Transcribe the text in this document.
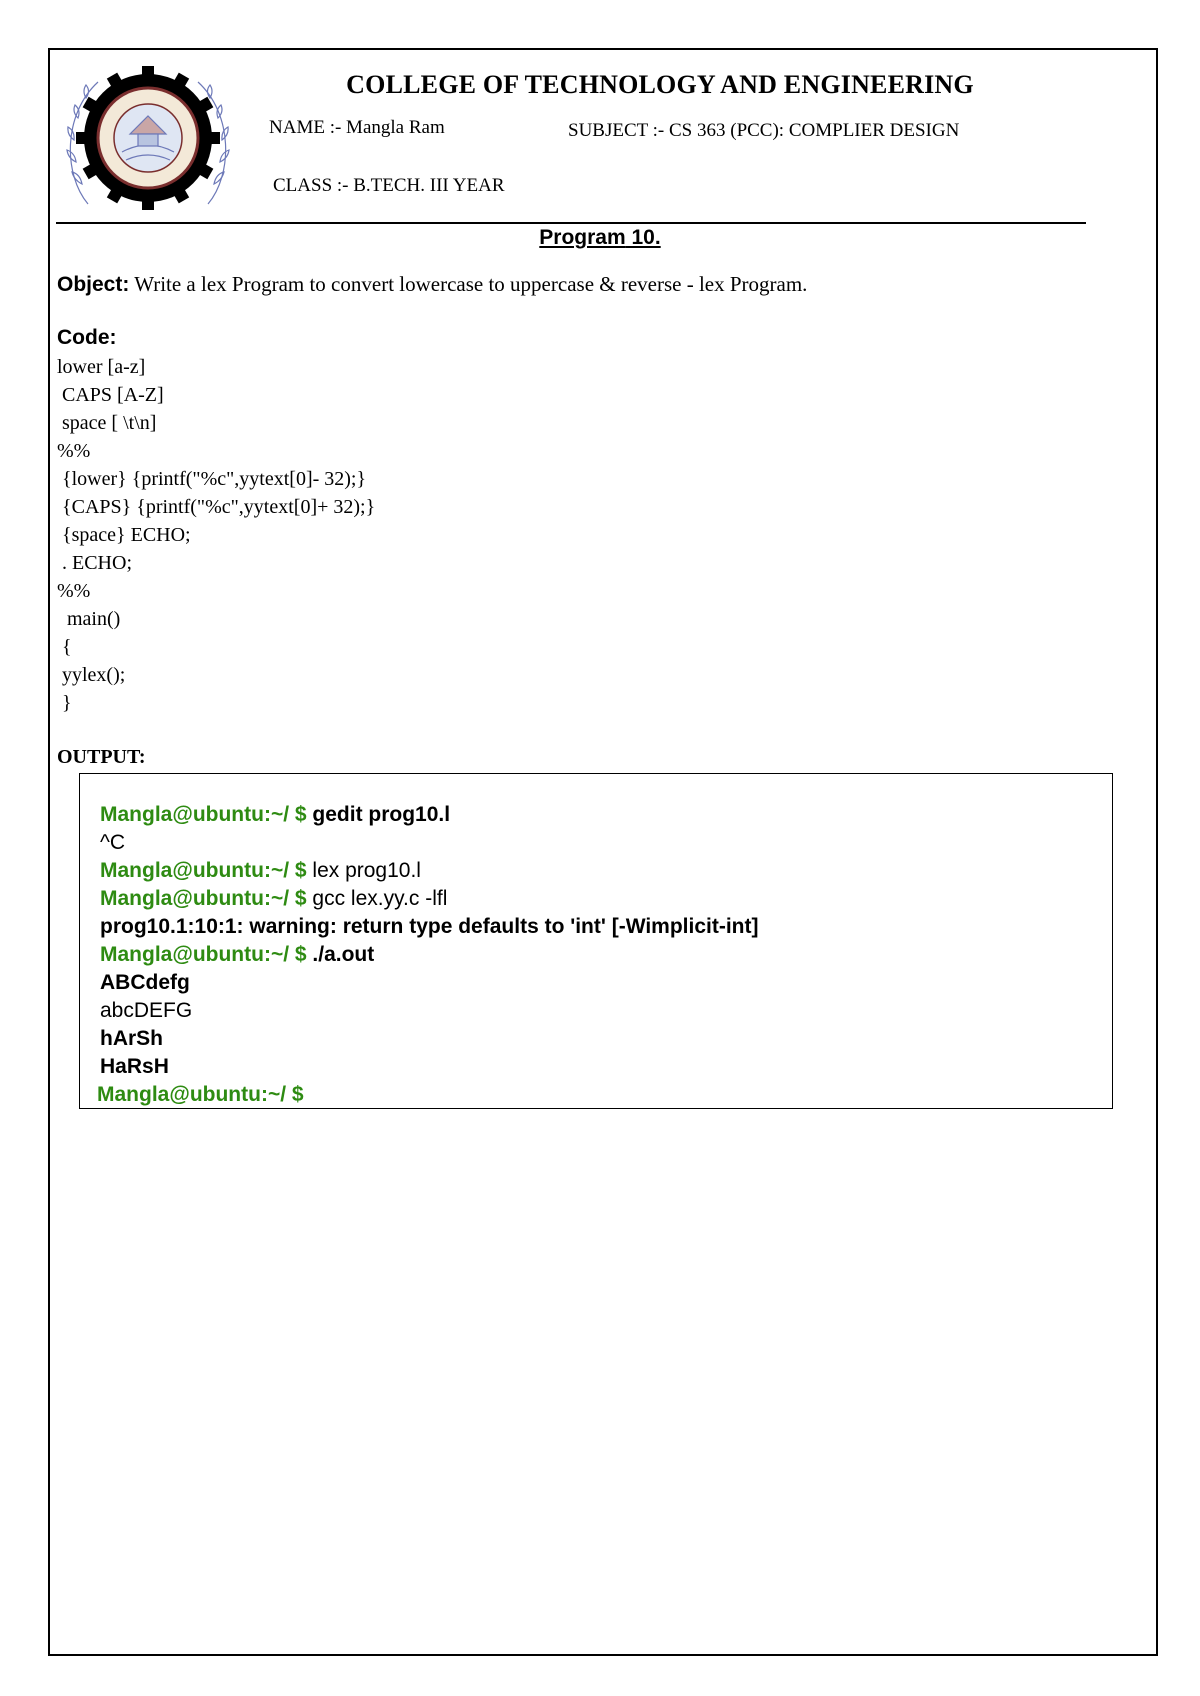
COLLEGE OF TECHNOLOGY AND ENGINEERING
NAME :- Mangla Ram	SUBJECT :- CS 363 (PCC): COMPLIER DESIGN
CLASS :- B.TECH. III YEAR
Program 10.
Object: Write a lex Program to convert lowercase to uppercase & reverse - lex Program.
Code:
lower [a-z]
CAPS [A-Z]
space [ \t\n]
%%
{lower} {printf("%c",yytext[0]- 32);}
{CAPS} {printf("%c",yytext[0]+ 32);}
{space} ECHO;
. ECHO;
%%
main()
{
yylex();
}
OUTPUT:
Mangla@ubuntu:~/ $ gedit prog10.l
^C
Mangla@ubuntu:~/ $ lex prog10.l
Mangla@ubuntu:~/ $ gcc lex.yy.c -lfl
prog10.1:10:1: warning: return type defaults to 'int' [-Wimplicit-int]
Mangla@ubuntu:~/ $ ./a.out
ABCdefg
abcDEFG
hArSh
HaRsH
Mangla@ubuntu:~/ $
